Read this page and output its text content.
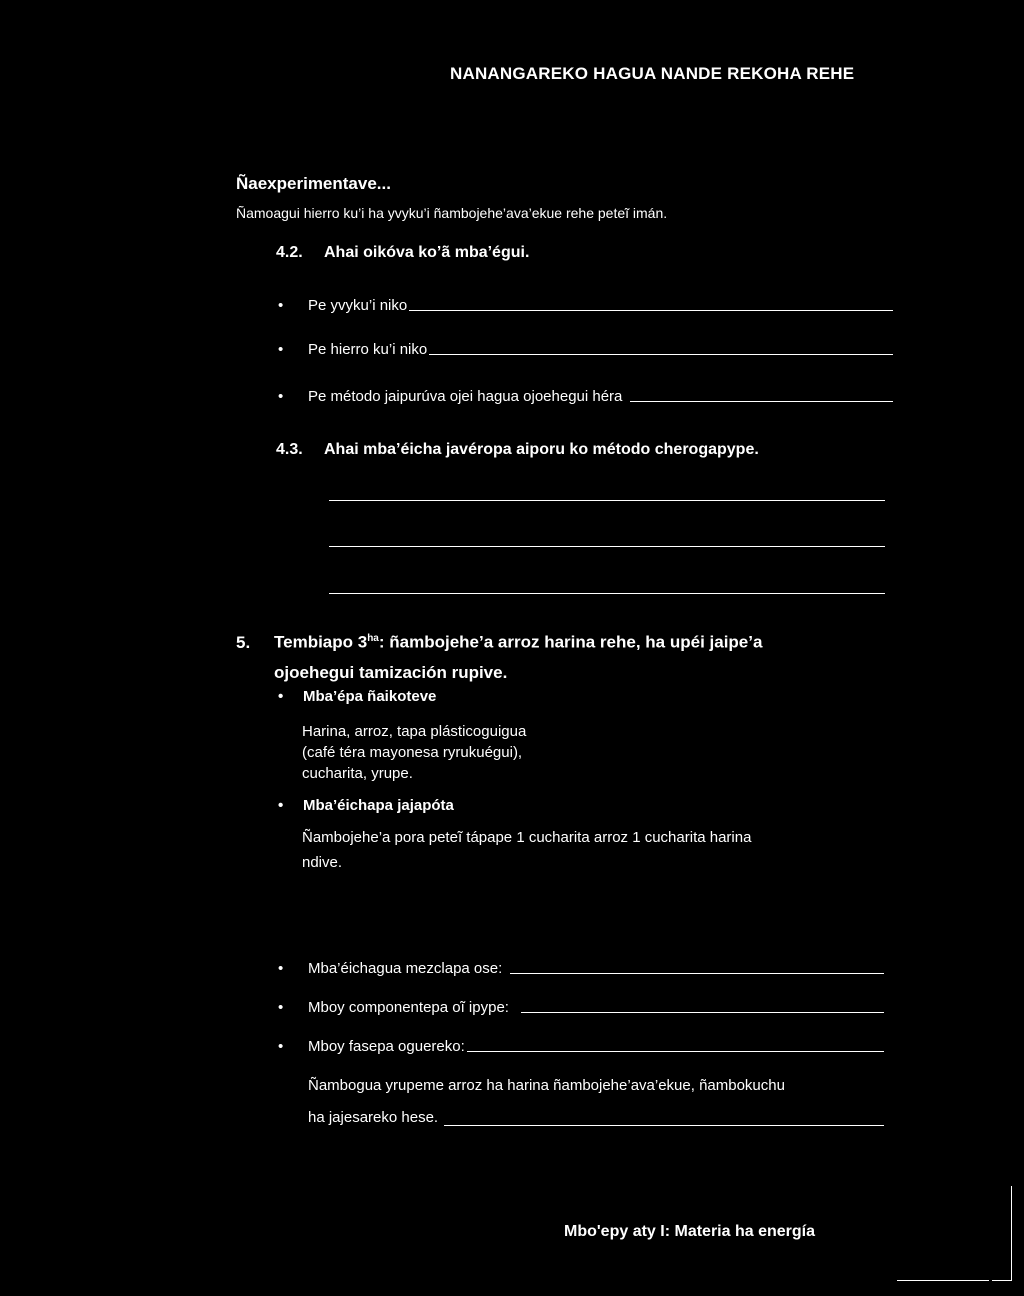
NANANGAREKO HAGUA NANDE REKOHA REHE
Ñaexperimentave...
Ñamoagui hierro ku’i ha yvyku’i ñambojehe’ava’ekue rehe peteĩ imán.
4.2. Ahai oikóva ko’ã mba’égui.
•	Pe yvyku’i niko
•	Pe hierro ku’i niko
•	Pe método jaipurúva ojei hagua ojoehegui héra
4.3. Ahai mba’éicha javéropa aiporu ko método cherogapype.
5. Tembiapo $3^{ha}$: ñambojehe’a arroz harina rehe, ha upéi jaipe’a
ojoehegui tamización rupive.
• Mba’épa ñaikoteve
Harina, arroz, tapa plásticoguigua
(café téra mayonesa ryrukuégui),
cucharita, yrupe.
• Mba’éichapa jajapóta
Ñambojehe’a pora peteĩ tápape 1 cucharita arroz 1 cucharita harina
ndive.
•	Mba’éichagua mezclapa ose:
•	Mboy componentepa oĩ ipype:
•	Mboy fasepa oguereko:
Ñambogua yrupeme arroz ha harina ñambojehe’ava’ekue, ñambokuchu
ha jajesareko hese.
Mbo'epy aty I: Materia ha energía
